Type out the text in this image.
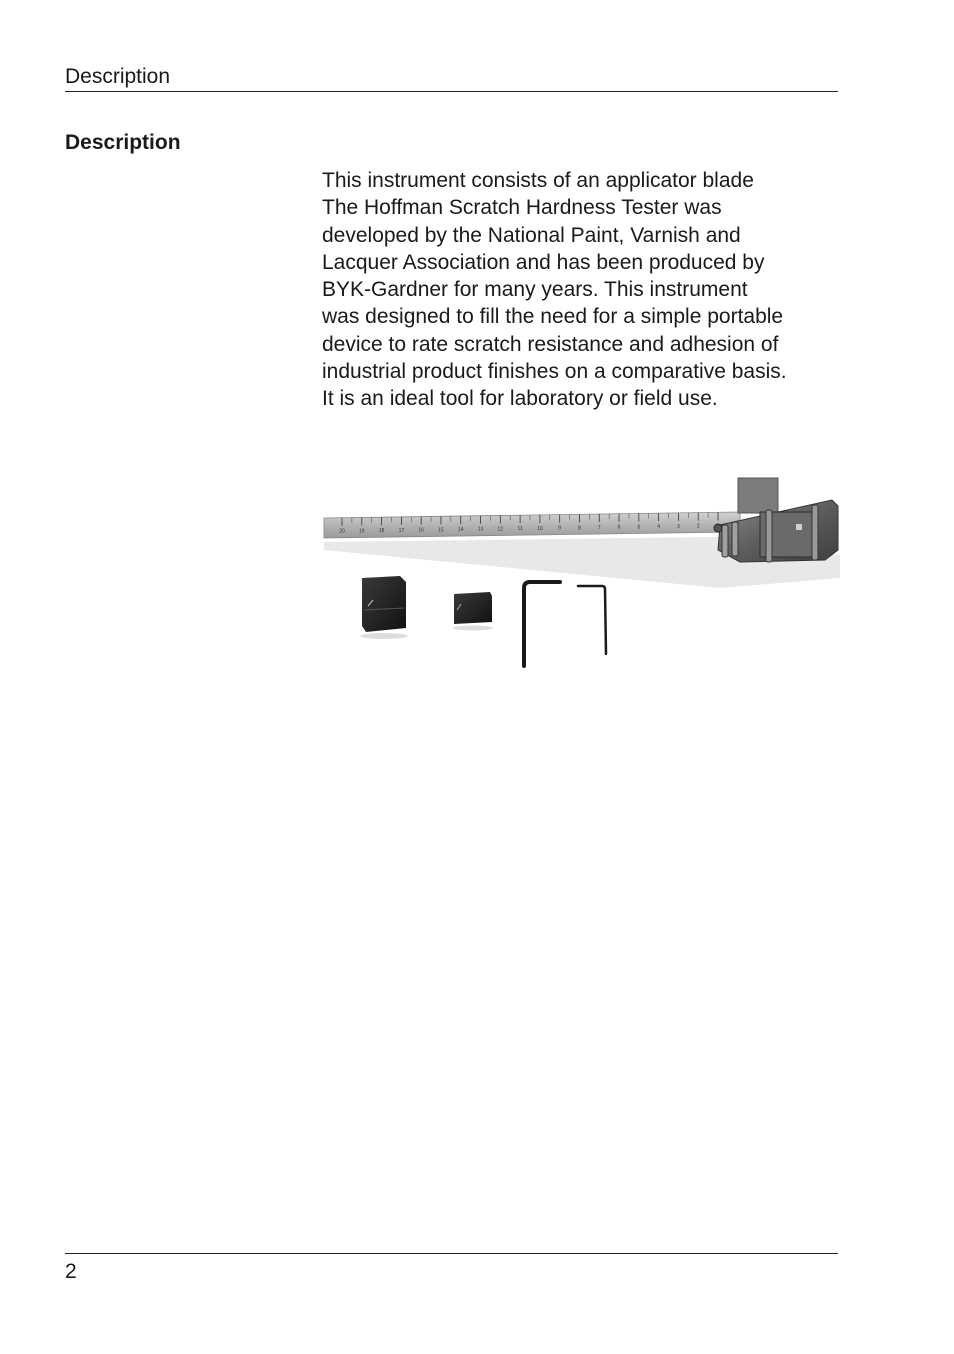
Description
Description

This instrument consists of an applicator blade
The Hoffman Scratch Hardness Tester was
developed by the National Paint, Varnish and
Lacquer Association and has been produced by
BYK-Gardner for many years. This instrument
was designed to fill the need for a simple portable
device to rate scratch resistance and adhesion of
industrial product finishes on a comparative basis.
It is an ideal tool for laboratory or field use.

20	19	18	17	16	15	14	13	12	11	10	9	8	7	6	5	4	3	2
2
